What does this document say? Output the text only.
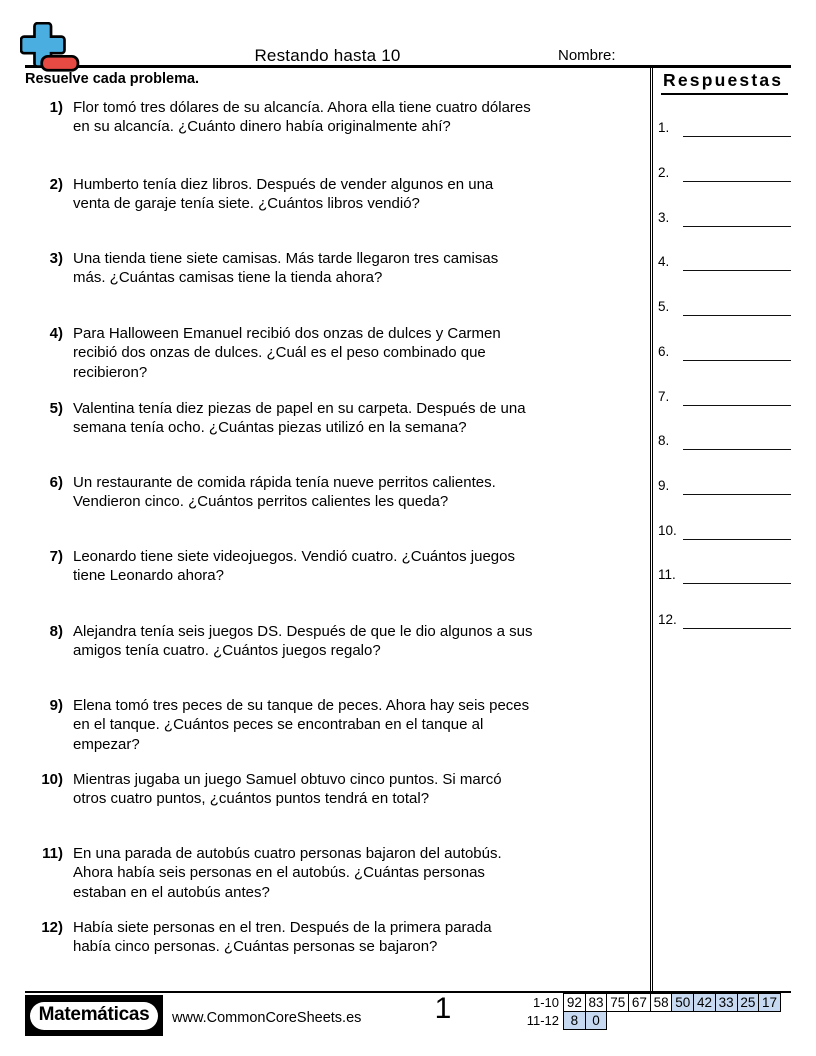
Restando hasta 10	Nombre:
Resuelve cada problema.
1) Flor tomó tres dólares de su alcancía. Ahora ella tiene cuatro dólares en su alcancía. ¿Cuánto dinero había originalmente ahí?
2) Humberto tenía diez libros. Después de vender algunos en una venta de garaje tenía siete. ¿Cuántos libros vendió?
3) Una tienda tiene siete camisas. Más tarde llegaron tres camisas más. ¿Cuántas camisas tiene la tienda ahora?
4) Para Halloween Emanuel recibió dos onzas de dulces y Carmen recibió dos onzas de dulces. ¿Cuál es el peso combinado que recibieron?
5) Valentina tenía diez piezas de papel en su carpeta. Después de una semana tenía ocho. ¿Cuántas piezas utilizó en la semana?
6) Un restaurante de comida rápida tenía nueve perritos calientes. Vendieron cinco. ¿Cuántos perritos calientes les queda?
7) Leonardo tiene siete videojuegos. Vendió cuatro. ¿Cuántos juegos tiene Leonardo ahora?
8) Alejandra tenía seis juegos DS. Después de que le dio algunos a sus amigos tenía cuatro. ¿Cuántos juegos regalo?
9) Elena tomó tres peces de su tanque de peces. Ahora hay seis peces en el tanque. ¿Cuántos peces se encontraban en el tanque al empezar?
10) Mientras jugaba un juego Samuel obtuvo cinco puntos. Si marcó otros cuatro puntos, ¿cuántos puntos tendrá en total?
11) En una parada de autobús cuatro personas bajaron del autobús. Ahora había seis personas en el autobús. ¿Cuántas personas estaban en el autobús antes?
12) Había siete personas en el tren. Después de la primera parada había cinco personas. ¿Cuántas personas se bajaron?
Respuestas
1.
2.
3.
4.
5.
6.
7.
8.
9.
10.
11.
12.
Matemáticas	www.CommonCoreSheets.es	1	1-10 92 83 75 67 58 50 42 33 25 17
11-12 8	0
